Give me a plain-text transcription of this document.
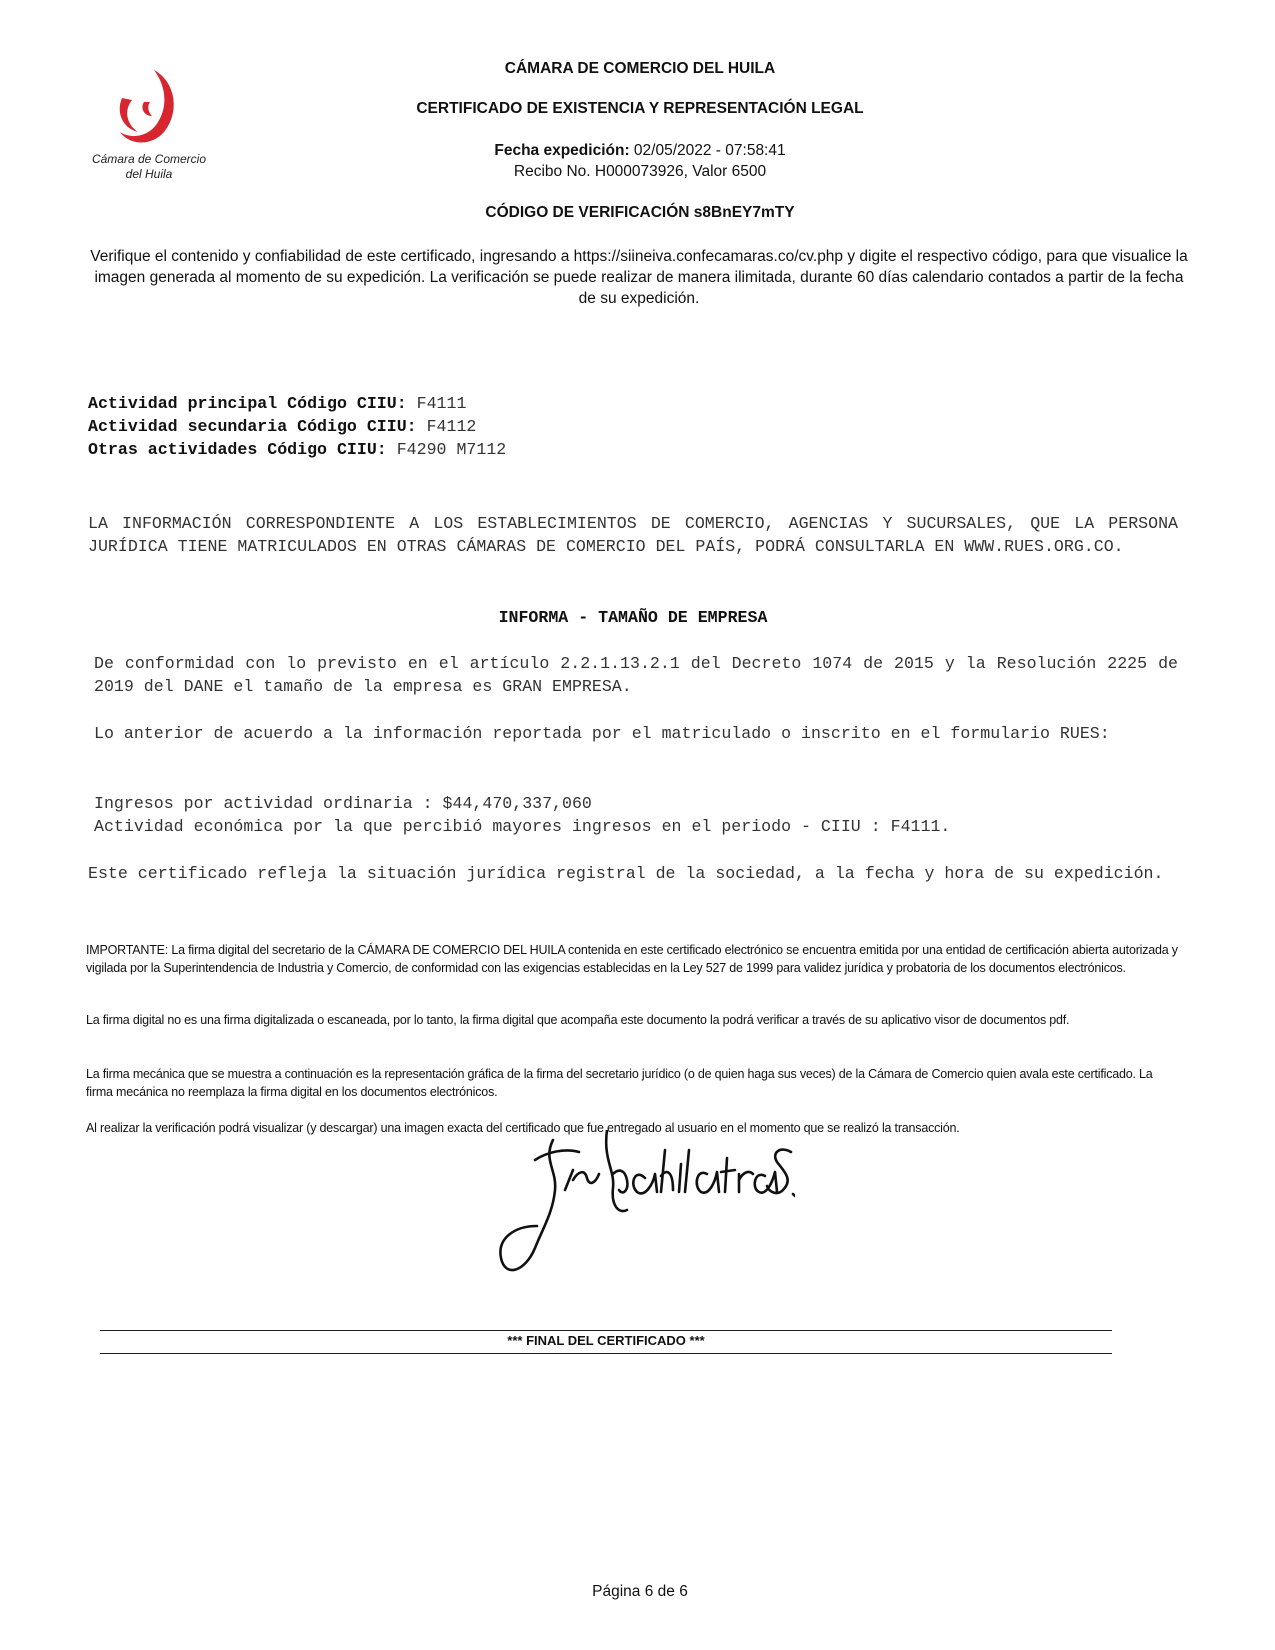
Cámara de Comercio
del Huila
CÁMARA DE COMERCIO DEL HUILA
CERTIFICADO DE EXISTENCIA Y REPRESENTACIÓN LEGAL
Fecha expedición: 02/05/2022 - 07:58:41
Recibo No. H000073926, Valor 6500
CÓDIGO DE VERIFICACIÓN s8BnEY7mTY
Verifique el contenido y confiabilidad de este certificado, ingresando a https://siineiva.confecamaras.co/cv.php y digite el respectivo código, para que visualice la imagen generada al momento de su expedición. La verificación se puede realizar de manera ilimitada, durante 60 días calendario contados a partir de la fecha de su expedición.
Actividad principal Código CIIU: F4111
Actividad secundaria Código CIIU: F4112
Otras actividades Código CIIU: F4290 M7112
LA INFORMACIÓN CORRESPONDIENTE A LOS ESTABLECIMIENTOS DE COMERCIO, AGENCIAS Y SUCURSALES, QUE LA PERSONA JURÍDICA TIENE MATRICULADOS EN OTRAS CÁMARAS DE COMERCIO DEL PAÍS, PODRÁ CONSULTARLA EN WWW.RUES.ORG.CO.
INFORMA - TAMAÑO DE EMPRESA
De conformidad con lo previsto en el artículo 2.2.1.13.2.1 del Decreto 1074 de 2015 y la Resolución 2225 de 2019 del DANE el tamaño de la empresa es GRAN EMPRESA.
Lo anterior de acuerdo a la información reportada por el matriculado o inscrito en el formulario RUES:
Ingresos por actividad ordinaria : $44,470,337,060
Actividad económica por la que percibió mayores ingresos en el periodo - CIIU : F4111.
Este certificado refleja la situación jurídica registral de la sociedad, a la fecha y hora de su expedición.
IMPORTANTE: La firma digital del secretario de la CÁMARA DE COMERCIO DEL HUILA contenida en este certificado electrónico se encuentra emitida por una entidad de certificación abierta autorizada y vigilada por la Superintendencia de Industria y Comercio, de conformidad con las exigencias establecidas en la Ley 527 de 1999 para validez jurídica y probatoria de los documentos electrónicos.
La firma digital no es una firma digitalizada o escaneada, por lo tanto, la firma digital que acompaña este documento la podrá verificar a través de su aplicativo visor de documentos pdf.
La firma mecánica que se muestra a continuación es la representación gráfica de la firma del secretario jurídico (o de quien haga sus veces) de la Cámara de Comercio quien avala este certificado. La firma mecánica no reemplaza la firma digital en los documentos electrónicos.
Al realizar la verificación podrá visualizar (y descargar) una imagen exacta del certificado que fue entregado al usuario en el momento que se realizó la transacción.
*** FINAL DEL CERTIFICADO ***
Página 6 de 6
